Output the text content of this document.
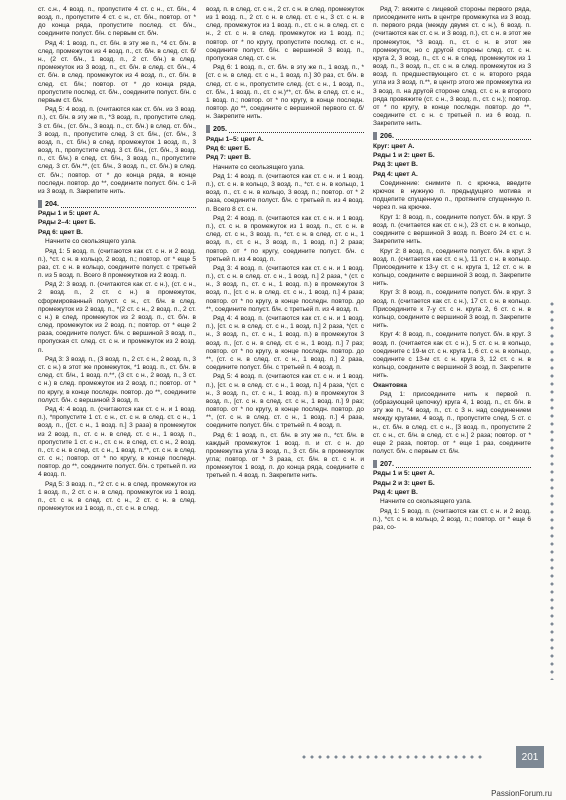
ст. с.н., 4 возд. п., пропустите 4 ст. с н., ст. б/н., 4 возд. п., пропустите 4 ст. с н., ст. б/н., повтор. от * до конца ряда, пропустите послед. ст. б/н., соедините полуст. б/н. с первым ст. б/н.

Ряд 4: 1 возд. п., ст. б/н. в эту же п., *4 ст. б/н. в след. промежуток из 4 возд. п., ст. б/н. в след. ст. б/н., (2 ст. б/н., 1 возд. п., 2 ст. б/н.) в след. промежуток из 3 возд. п., ст. б/н. в след. ст. б/н., 4 ст. б/н. в след. промежуток из 4 возд. п., ст. б/н. в след. ст. б/н.; повтор. от * до конца ряда, пропустите послед. ст. б/н., соедините полуст. б/н. с первым ст. б/н.

Ряд 5: 4 возд. п. (считаются как ст. б/н. из 3 возд. п.), ст. б/н. в эту же п., *3 возд. п., пропустите след. 3 ст. б/н., (ст. б/н., 3 возд. п., ст. б/н.) в след. ст. б/н., 3 возд. п., пропустите след. 3 ст. б/н., (ст. б/н., 3 возд. п., ст. б/н.) в след. промежуток 1 возд. п., 3 возд. п., пропустите след. 3 ст. б/н., (ст. б/н., 3 возд. п., ст. б/н.) в след. ст. б/н., 3 возд. п., пропустите след. 3 ст. б/н.**, (ст. б/н., 3 возд. п., ст. б/н.) в след. ст. б/н.; повтор. от * до конца ряда, в конце последн. повтор. до **, соедините полуст. б/н. с 1-й из 3 возд. п. Закрепите нить.

204.

Ряды 1 и 5: цвет А.

Ряды 2–4: цвет Б.

Ряд 6: цвет В.

Начните со скользящего узла.

Ряд 1: 5 возд. п. (считаются как ст. с н. и 2 возд. п.), *ст. с н. в кольцо, 2 возд. п.; повтор. от * еще 5 раз, ст. с н. в кольцо, соедините полуст. с третьей п. из 5 возд. п. Всего 8 промежутков из 2 возд. п.

Ряд 2: 3 возд. п. (считаются как ст. с н.), (ст. с н., 2 возд. п., 2 ст. с н.) в промежуток, сформированный полуст. с н., ст. б/н. в след. промежуток из 2 возд. п., *(2 ст. с н., 2 возд. п., 2 ст. с н.) в след. промежуток из 2 возд. п., ст. б/н. в след. промежуток из 2 возд. п.; повтор. от * еще 2 раза, соедините полуст. б/н. с вершиной 3 возд. п., пропуская ст. след. ст. с н. и промежуток из 2 возд. п.

Ряд 3: 3 возд. п., (3 возд. п., 2 ст. с н., 2 возд. п., 3 ст. с н.) в этот же промежуток, *1 возд. п., ст. б/н. в след. ст. б/н., 1 возд. п.**, (3 ст. с н., 2 возд. п., 3 ст. с н.) в след. промежуток из 2 возд. п.; повтор. от * по кругу, в конце последн. повтор. до **, соедините полуст. б/н. с вершиной 3 возд. п.

Ряд 4: 4 возд. п. (считаются как ст. с н. и 1 возд. п.), *пропустите 1 ст. с н., ст. с н. в след. ст. с н., 1 возд. п., ([ст. с н., 1 возд. п.] 3 раза) в промежуток из 2 возд. п., ст. с н. в след. ст. с н., 1 возд. п., пропустите 1 ст. с н., ст. с н. в след. ст. с н., 2 возд. п., ст. с н. в след. ст. с н., 1 возд. п.**, ст. с н. в след. ст. с н.; повтор. от * по кругу, в конце последн. повтор. до **, соедините полуст. б/н. с третьей п. из 4 возд. п.

Ряд 5: 3 возд. п., *2 ст. с н. в след. промежуток из 1 возд. п., 2 ст. с н. в след. промежуток из 1 возд. п., ст. с н. в след. ст. с н., 2 ст. с н. в след. промежуток из 1 возд. п., ст. с н. в след.

возд. п. в след. ст. с н., 2 ст. с н. в след. промежуток из 1 возд. п., 2 ст. с н. в след. ст. с н., 3 ст. с н. в след. промежуток из 1 возд. п., ст. с н. в след. ст. с н., 2 ст. с н. в след. промежуток из 1 возд. п.; повтор. от * по кругу, пропустите послед. ст. с н., соедините полуст. б/н. с вершиной 3 возд. п., пропуская след. ст. с н.

Ряд 6: 1 возд. п., ст. б/н. в эту же п., 1 возд. п., *[ст. с н. в след. ст. с н., 1 возд. п.] 30 раз, ст. б/н. в след. ст. с н., пропустите след. (ст. с н., 1 возд. п., ст. б/н., 1 возд. п., ст. с н.)**, ст. б/н. в след. ст. с н., 1 возд. п.; повтор. от * по кругу, в конце последн. повтор. до **, соедините с вершиной первого ст. б/н. Закрепите нить.

205.

Ряды 1–5: цвет А.

Ряд 6: цвет Б.

Ряд 7: цвет В.

Начните со скользящего узла.

Ряд 1: 4 возд. п. (считаются как ст. с н. и 1 возд. п.), ст. с н. в кольцо, 3 возд. п., *ст. с н. в кольцо, 1 возд. п., ст. с н. в кольцо, 3 возд. п.; повтор. от * 2 раза, соедините полуст. б/н. с третьей п. из 4 возд. п. Всего 8 ст. с н.

Ряд 2: 4 возд. п. (считаются как ст. с н. и 1 возд. п.), ст. с н. в промежуток из 1 возд. п., ст. с н. в след. ст. с н., 3 возд. п., *ст. с н. в след. ст. с н., 1 возд. п., ст. с н., 3 возд. п., 1 возд. п.] 2 раза; повтор. от * по кругу, соедините полуст. б/н. с третьей п. из 4 возд. п.

Ряд 3: 4 возд. п. (считаются как ст. с н. и 1 возд. п.), ст. с н. в след. ст. с н., 1 возд. п.] 2 раза, * (ст. с н., 3 возд. п., ст. с н., 1 возд. п.) в промежуток 3 возд. п., [ст. с н. в след. ст. с н., 1 возд. п.] 4 раза; повтор. от * по кругу, в конце последн. повтор. до **, соедините полуст. б/н. с третьей п. из 4 возд. п.

Ряд 4: 4 возд. п. (считаются как ст. с н. и 1 возд. п.), [ст. с н. в след. ст. с н., 1 возд. п.] 2 раза, *(ст. с н., 3 возд. п., ст. с н., 1 возд. п.) в промежуток 3 возд. п., [ст. с н. в след. ст. с н., 1 возд. п.] 7 раз; повтор. от * по кругу, в конце последн. повтор. до **, (ст. с н. в след. ст. с н., 1 возд. п.] 2 раза, соедините полуст. б/н. с третьей п. 4 возд. п.

Ряд 5: 4 возд. п. (считаются как ст. с н. и 1 возд. п.), [ст. с н. в след. ст. с н., 1 возд. п.] 4 раза, *(ст. с н., 3 возд. п., ст. с н., 1 возд. п.) в промежуток 3 возд. п., [ст. с н. в след. ст. с н., 1 возд. п.] 9 раз; повтор. от * по кругу, в конце последн. повтор. до **, (ст. с н. в след. ст. с н., 1 возд. п.] 4 раза, соедините полуст. б/н. с третьей п. 4 возд. п.

Ряд 6: 1 возд. п., ст. б/н. в эту же п., *ст. б/н. в каждый промежуток 1 возд. п. и ст. с н. до промежутка угла 3 возд. п., 3 ст. б/н. в промежуток угла; повтор. от * 3 раза, ст. б/н. в ст. с н. и промежуток 1 возд. п. до конца ряда, соедините с третьей п. 4 возд. п. Закрепите нить.

Ряд 7: вяжите с лицевой стороны первого ряда, присоедините нить в центре промежутка из 3 возд. п. первого ряда (между двумя ст. с н.), 6 возд. п. (считаются как ст. с н. и 3 возд. п.), ст. с н. в этот же промежуток, *3 возд. п., ст. с н. в этот же промежуток, но с другой стороны след. ст. с н. круга 2, 3 возд. п., ст. с н. в след. промежуток из 1 возд. п., 3 возд. п., ст. с н. в след. промежуток из 3 возд. п. предшествующего ст. с н. второго ряда угла из 3 возд. п.**, в центр этого же промежутка из 3 возд. п. на другой стороне след. ст. с н. в второго ряда провяжите (ст. с н., 3 возд. п., ст. с н.); повтор. от * по кругу, в конце последн. повтор. до **, соедините ст. с н. с третьей п. из 6 возд. п. Закрепите нить.

206.

Круг: цвет А.

Ряды 1 и 2: цвет Б.

Ряд 3: цвет В.

Ряд 4: цвет А.

Соединение: снимите п. с крючка, введите крючок в нужную п. предыдущего мотива и подцепите спущенную п., протяните спущенную п. через п. на крючке.

Круг 1: 8 возд. п., соедините полуст. б/н. в круг. 3 возд. п. (считается как ст. с н.), 23 ст. с н. в кольцо, соедините с вершиной 3 возд. п. Всего 24 ст. с н. Закрепите нить.

Круг 2: 8 возд. п., соедините полуст. б/н. в круг. 3 возд. п. (считается как ст. с н.), 11 ст. с н. в кольцо. Присоедините к 13-у ст. с н. круга 1, 12 ст. с н. в кольцо, соедините с вершиной 3 возд. п. Закрепите нить.

Круг 3: 8 возд. п., соедините полуст. б/н. в круг. 3 возд. п. (считается как ст. с н.), 17 ст. с н. в кольцо. Присоедините к 7-у ст. с н. круга 2, 6 ст. с н. в кольцо, соедините с вершиной 3 возд. п. Закрепите нить.

Круг 4: 8 возд. п., соедините полуст. б/н. в круг. 3 возд. п. (считается как ст. с н.), 5 ст. с н. в кольцо, соедините с 19-м ст. с н. круга 1, 6 ст. с н. в кольцо, соедините с 13-м ст. с н. круга 3, 12 ст. с н. в кольцо, соедините с вершиной 3 возд. п. Закрепите нить.

Окантовка

Ряд 1: присоедините нить к первой п. (образующей цепочку) круга 4, 1 возд. п., ст. б/н. в эту же п., *4 возд. п., ст. с 3 н. над соединением между кругами, 4 возд. п., пропустите след. 5 ст. с н., ст. б/н. в след. ст. с н., [3 возд. п., пропустите 2 ст. с н., ст. б/н. в след. ст. с н.] 2 раза; повтор. от * еще 2 раза, повтор. от * еще 1 раз, соедините полуст. б/н. с первым ст. б/н.

207.

Ряды 1 и 5: цвет А.

Ряды 2 и 3: цвет Б.

Ряд 4: цвет В.

Начните со скользящего узла.

Ряд 1: 5 возд. п. (считаются как ст. с н. и 2 возд. п.), *ст. с н. в кольцо, 2 возд. п.; повтор. от * еще 6 раз, со-

201
PassionForum.ru
